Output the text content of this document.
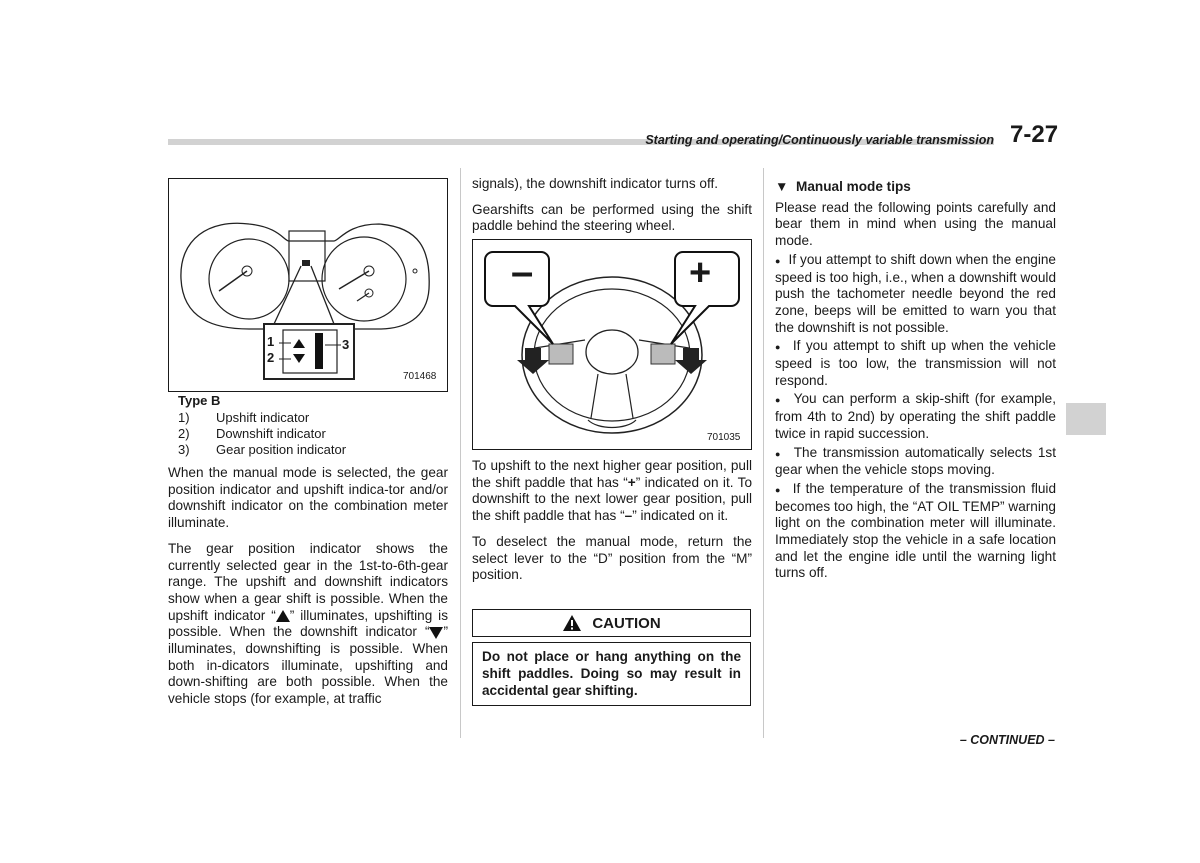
Starting and operating/Continuously variable transmission 7-27
1
2
3
701468
Type B
1)	Upshift indicator
2)	Downshift indicator
3)	Gear position indicator

When the manual mode is selected, the gear position indicator and upshift indica-tor and/or downshift indicator on the combination meter illuminate.

The gear position indicator shows the currently selected gear in the 1st-to-6th-gear range. The upshift and downshift indicators show when a gear shift is possible. When the upshift indicator “ ” illuminates, upshifting is possible. When the downshift indicator “ ” illuminates, downshifting is possible. When both in-dicators illuminate, upshifting and down-shifting are both possible. When the vehicle stops (for example, at traffic

signals), the downshift indicator turns off.

Gearshifts can be performed using the shift paddle behind the steering wheel.

–	+
701035

To upshift to the next higher gear position, pull the shift paddle that has “+” indicated on it. To downshift to the next lower gear position, pull the shift paddle that has “–” indicated on it.

To deselect the manual mode, return the select lever to the “D” position from the “M” position.

CAUTION
Do not place or hang anything on the shift paddles. Doing so may result in accidental gear shifting.
▼ Manual mode tips

Please read the following points carefully and bear them in mind when using the manual mode.

● If you attempt to shift down when the engine speed is too high, i.e., when a downshift would push the tachometer needle beyond the red zone, beeps will be emitted to warn you that the downshift is not possible.

● If you attempt to shift up when the vehicle speed is too low, the transmission will not respond.

● You can perform a skip-shift (for example, from 4th to 2nd) by operating the shift paddle twice in rapid succession.

● The transmission automatically selects 1st gear when the vehicle stops moving.

● If the temperature of the transmission fluid becomes too high, the “AT OIL TEMP” warning light on the combination meter will illuminate. Immediately stop the vehicle in a safe location and let the engine idle until the warning light turns off.

– CONTINUED –
